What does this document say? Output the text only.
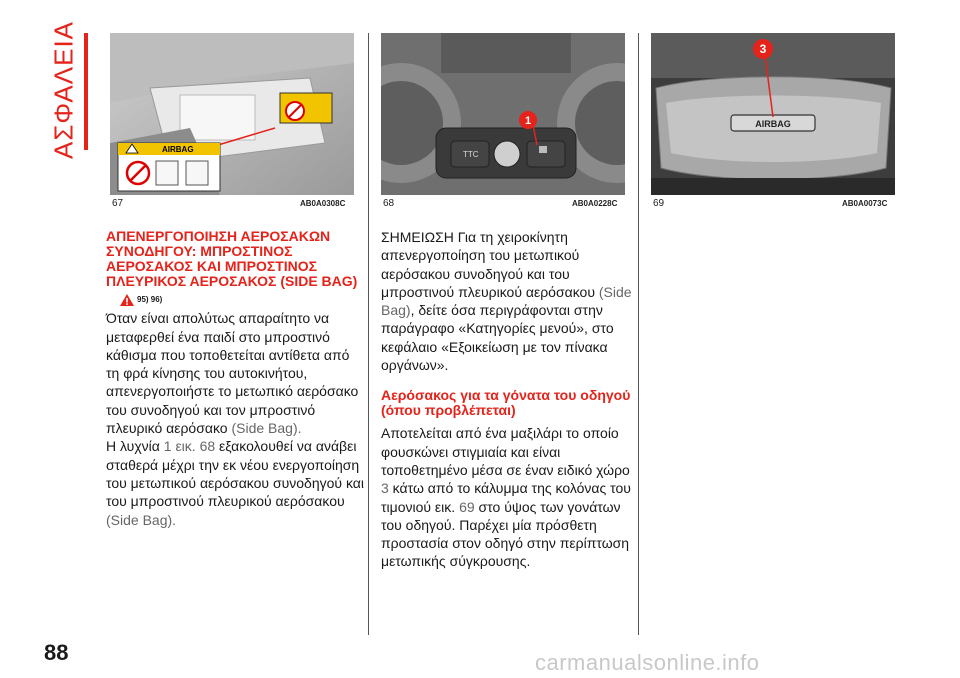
ΑΣΦΑΛΕΙΑ	AIRBAG
67	AB0A0308C
TTC
1
68	AB0A0228C
AIRBAG
3
69	AB0A0073C
ΑΠΕΝΕΡΓΟΠΟΙΗΣΗ ΑΕΡΟΣΑΚΩΝ ΣΥΝΟΔΗΓΟΥ: ΜΠΡΟΣΤΙΝΟΣ ΑΕΡΟΣΑΚΟΣ ΚΑΙ ΜΠΡΟΣΤΙΝΟΣ ΠΛΕΥΡΙΚΟΣ ΑΕΡΟΣΑΚΟΣ (SIDE BAG)
95) 96)

Όταν είναι απολύτως απαραίτητο να μεταφερθεί ένα παιδί στο μπροστινό κάθισμα που τοποθετείται αντίθετα από τη φρά κίνησης του αυτοκινήτου, απενεργοποιήστε το μετωπικό αερόσακο του συνοδηγού και τον μπροστινό πλευρικό αερόσακο (Side Bag).

Η λυχνία 1 εικ. 68 εξακολουθεί να ανάβει σταθερά μέχρι την εκ νέου ενεργοποίηση του μετωπικού αερόσακου συνοδηγού και του μπροστινού πλευρικού αερόσακου (Side Bag).

ΣΗΜΕΙΩΣΗ Για τη χειροκίνητη απενεργοποίηση του μετωπικού αερόσακου συνοδηγού και του μπροστινού πλευρικού αερόσακου (Side Bag), δείτε όσα περιγράφονται στην παράγραφο «Κατηγορίες μενού», στο κεφάλαιο «Εξοικείωση με τον πίνακα οργάνων».

Αερόσακος για τα γόνατα του οδηγού (όπου προβλέπεται)

Αποτελείται από ένα μαξιλάρι το οποίο φουσκώνει στιγμιαία και είναι τοποθετημένο μέσα σε έναν ειδικό χώρο 3 κάτω από το κάλυμμα της κολόνας του τιμονιού εικ. 69 στο ύψος των γονάτων του οδηγού. Παρέχει μία πρόσθετη προστασία στον οδηγό στην περίπτωση μετωπικής σύγκρουσης.

88	carmanualsonline.info
